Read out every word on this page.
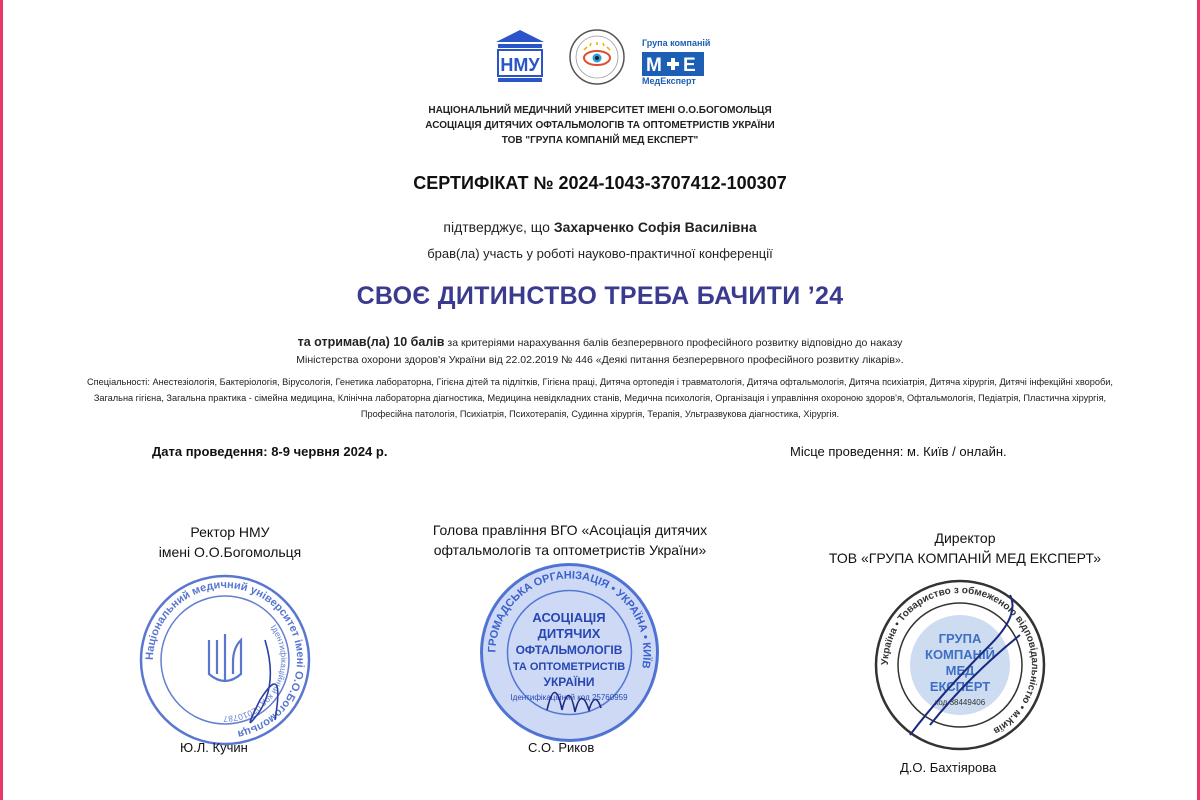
НМУ
Група компаній
M E
МедЕксперт
НАЦІОНАЛЬНИЙ МЕДИЧНИЙ УНІВЕРСИТЕТ ІМЕНІ О.О.БОГОМОЛЬЦЯ
АСОЦІАЦІЯ ДИТЯЧИХ ОФТАЛЬМОЛОГІВ ТА ОПТОМЕТРИСТІВ УКРАЇНИ
ТОВ "ГРУПА КОМПАНІЙ МЕД ЕКСПЕРТ"
СЕРТИФІКАТ № 2024-1043-3707412-100307
підтверджує, що Захарченко Софія Василівна
брав(ла) участь у роботі науково-практичної конференції
СВОЄ ДИТИНСТВО ТРЕБА БАЧИТИ ’24
та отримав(ла) 10 балів за критеріями нарахування балів безперервного професійного розвитку відповідно до наказу
Міністерства охорони здоров'я України від 22.02.2019 № 446 «Деякі питання безперервного професійного розвитку лікарів».
Спеціальності: Анестезіологія, Бактеріологія, Вірусологія, Генетика лабораторна, Гігієна дітей та підлітків, Гігієна праці, Дитяча ортопедія і травматологія, Дитяча офтальмологія, Дитяча психіатрія, Дитяча хірургія, Дитячі інфекційні хвороби, Загальна гігієна, Загальна практика - сімейна медицина, Клінічна лабораторна діагностика, Медицина невідкладних станів, Медична психологія, Організація і управління охороною здоров'я, Офтальмологія, Педіатрія, Пластична хірургія, Професійна патологія, Психіатрія, Психотерапія, Судинна хірургія, Терапія, Ультразвукова діагностика, Хірургія.
Дата проведення: 8-9 червня 2024 р.	Місце проведення: м. Київ / онлайн.
Ректор НМУ
імені О.О.Богомольця
Голова правління ВГО «Асоціація дитячих
офтальмологів та оптометристів України»
Директор
ТОВ «ГРУПА КОМПАНІЙ МЕД ЕКСПЕРТ»
Національний медичний університет імені О.О.Богомольця
Ідентифікаційний код 02010787
ГРОМАДСЬКА ОРГАНІЗАЦІЯ • УКРАЇНА • КИЇВ
АСОЦІАЦІЯ
ДИТЯЧИХ
ОФТАЛЬМОЛОГІВ
ТА ОПТОМЕТРИСТІВ
УКРАЇНИ
Ідентифікаційний код 25760959
Україна • Товариство з обмеженою відповідальністю • м.Київ
ГРУПА
КОМПАНІЙ
МЕД
ЕКСПЕРТ
код 38449406
Ю.Л. Кучин	С.О. Риков
Д.О. Бахтіярова
